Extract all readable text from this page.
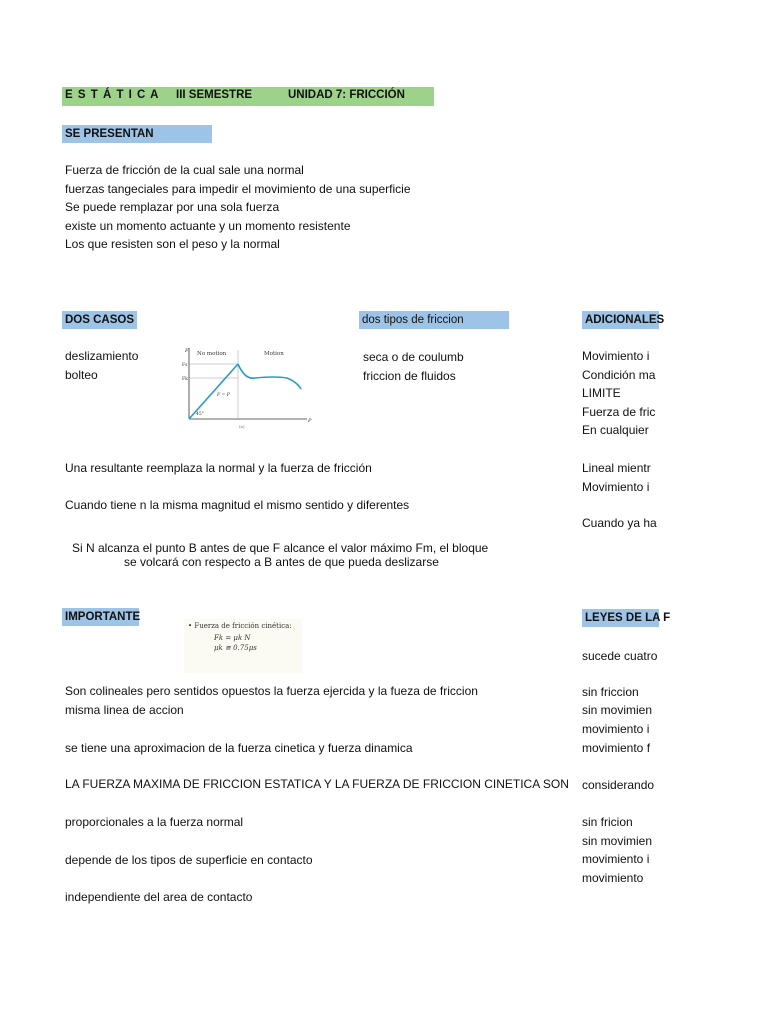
E S T Á T I C A III SEMESTRE	UNIDAD 7: FRICCIÓN
SE PRESENTAN
Fuerza de fricción de la cual sale una normal
fuerzas tangeciales para impedir el movimiento de una superficie
Se puede remplazar por una sola fuerza
existe un momento actuante y un momento resistente
Los que resisten son el peso y la normal
DOS CASOS
deslizamiento
bolteo
F No motion	Motion
Fs
Fk
F = P
45°
P
(a)
dos tipos de friccion
seca o de coulumb
friccion de fluidos
ADICIONALES
Movimiento i
Condición ma
LIMITE
Fuerza de fric
En cualquier
Lineal mientr
Movimiento i
Cuando ya ha
Una resultante reemplaza la normal y la fuerza de fricción
Cuando tiene n la misma magnitud el mismo sentido y diferentes
Si N alcanza el punto B antes de que F alcance el valor máximo Fm, el bloque
se volcará con respecto a B antes de que pueda deslizarse
IMPORTANTE
• Fuerza de fricción cinética:
Fk = μk N
μk ≅ 0.75μs
Son colineales pero sentidos opuestos la fuerza ejercida y la fueza de friccion
misma linea de accion
se tiene una aproximacion de la fuerza cinetica y fuerza dinamica
LA FUERZA MAXIMA DE FRICCION ESTATICA Y LA FUERZA DE FRICCION CINETICA SON
proporcionales a la fuerza normal
depende de los tipos de superficie en contacto
independiente del area de contacto
LEYES DE LA F
sucede cuatro
sin friccion
sin movimien
movimiento i
movimiento f
considerando
sin fricion
sin movimien
movimiento i
movimiento
